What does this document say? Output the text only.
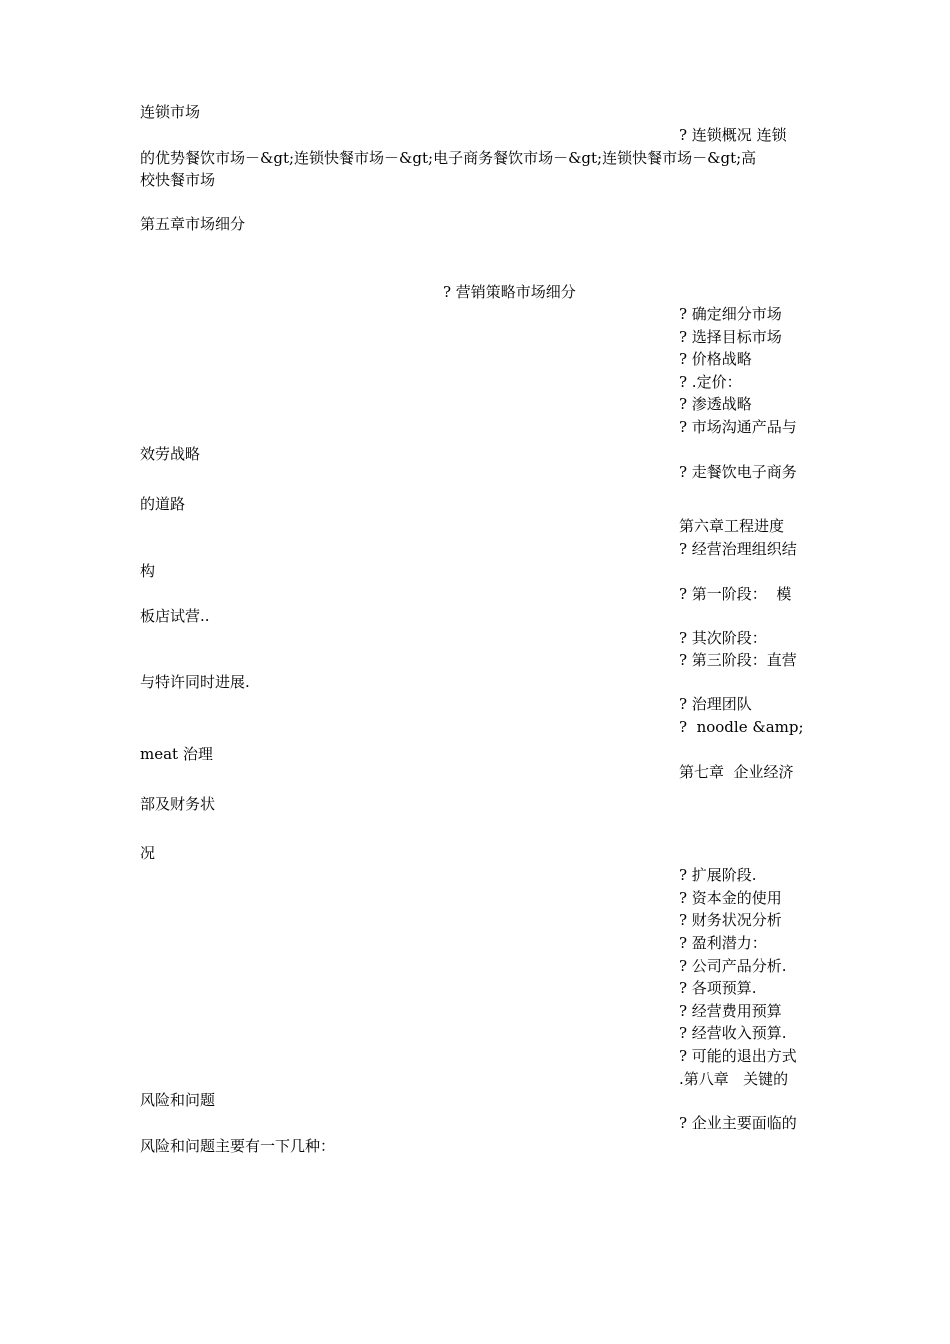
连锁市场
? 连锁概况 连锁
的优势餐饮市场－&gt;连锁快餐市场－&gt;电子商务餐饮市场－&gt;连锁快餐市场－&gt;高
校快餐市场
第五章市场细分
? 营销策略市场细分
? 确定细分市场
? 选择目标市场
? 价格战略
? .定价：
? 渗透战略
? 市场沟通产品与
效劳战略
? 走餐饮电子商务
的道路
第六章工程进度
? 经营治理组织结
构
? 第一阶段：  模
板店试营..
? 其次阶段：
? 第三阶段：直营
与特许同时进展.
? 治理团队
?  noodle &amp;
meat 治理
第七章  企业经济
部及财务状
况
? 扩展阶段.
? 资本金的使用
? 财务状况分析
? 盈利潜力：
? 公司产品分析.
? 各项预算.
? 经营费用预算
? 经营收入预算.
? 可能的退出方式
.第八章   关键的
风险和问题
? 企业主要面临的
风险和问题主要有一下几种：
